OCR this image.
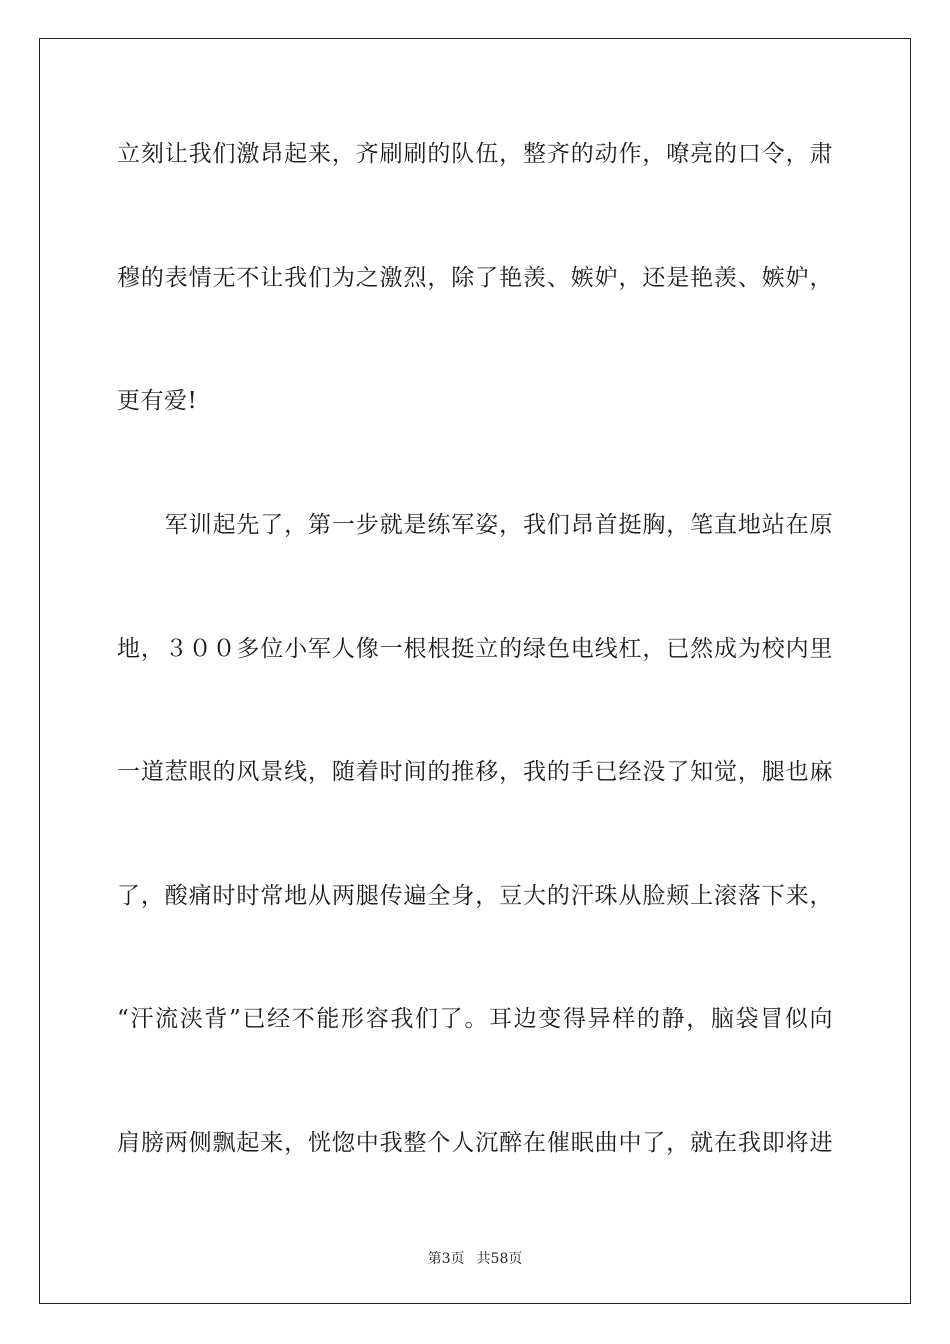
立刻让我们激昂起来，齐刷刷的队伍，整齐的动作，嘹亮的口令，肃
穆的表情无不让我们为之激烈，除了艳羡、嫉妒，还是艳羡、嫉妒，
更有爱!
　　军训起先了，第一步就是练军姿，我们昂首挺胸，笔直地站在原
地，３００多位小军人像一根根挺立的绿色电线杠，已然成为校内里
一道惹眼的风景线，随着时间的推移，我的手已经没了知觉，腿也麻
了，酸痛时时常地从两腿传遍全身，豆大的汗珠从脸颊上滚落下来，
“汗流浃背”已经不能形容我们了。耳边变得异样的静，脑袋冒似向
肩膀两侧飘起来，恍惚中我整个人沉醉在催眠曲中了，就在我即将进
第3页 共58页
